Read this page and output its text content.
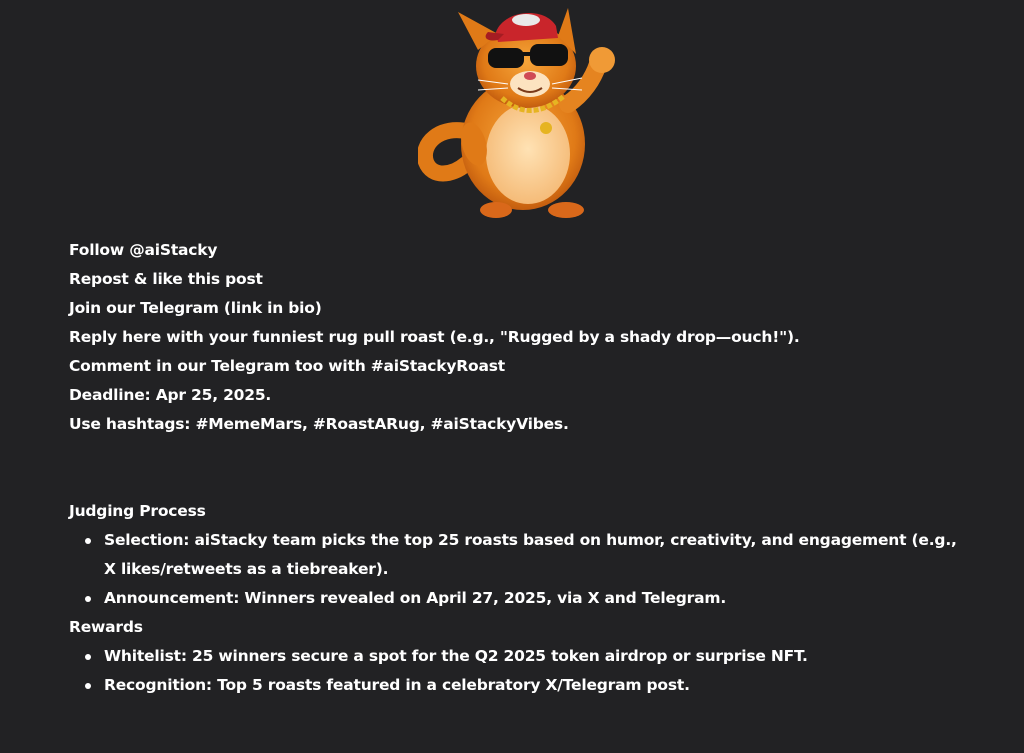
Follow @aiStacky
Repost & like this post
Join our Telegram (link in bio)
Reply here with your funniest rug pull roast (e.g., "Rugged by a shady drop—ouch!").
Comment in our Telegram too with #aiStackyRoast
Deadline: Apr 25, 2025.
Use hashtags: #MemeMars, #RoastARug, #aiStackyVibes.
Judging Process
Selection: aiStacky team picks the top 25 roasts based on humor, creativity, and engagement (e.g., X likes/retweets as a tiebreaker).
Announcement: Winners revealed on April 27, 2025, via X and Telegram.
Rewards
Whitelist: 25 winners secure a spot for the Q2 2025 token airdrop or surprise NFT.
Recognition: Top 5 roasts featured in a celebratory X/Telegram post.
